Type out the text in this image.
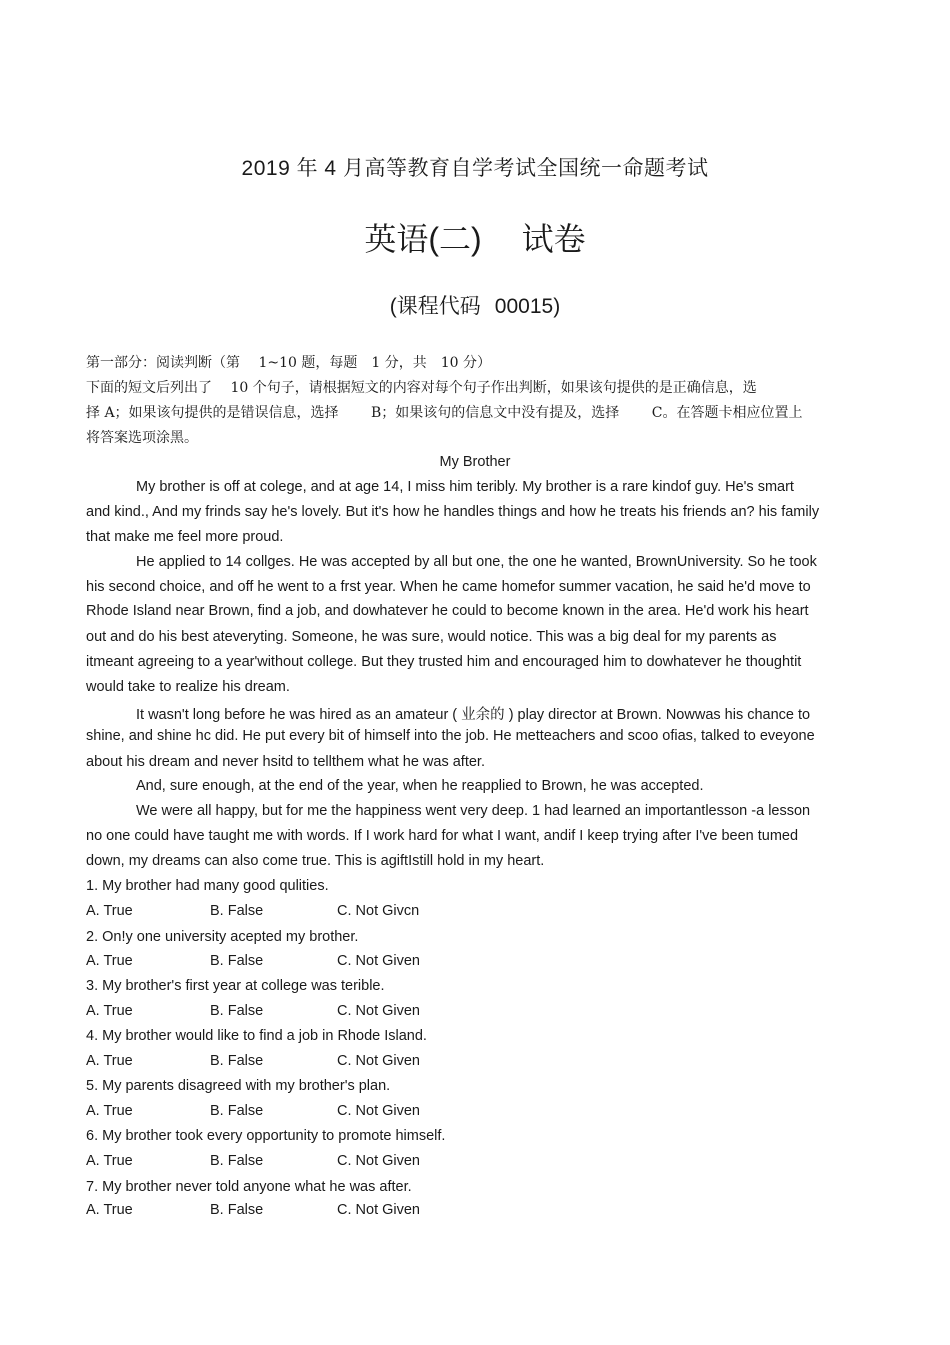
2019 年 4 月高等教育自学考试全国统一命题考试
英语(二) 试卷
(课程代码 00015)
第一部分：阅读判断（第　 1~10 题，每题　1 分，共　10 分）
下面的短文后列出了　 10 个句子，请根据短文的内容对每个句子作出判断，如果该句提供的是正确信息，选
择 A；如果该句提供的是错误信息，选择　　 B；如果该句的信息文中没有提及，选择　　 C。在答题卡相应位置上
将答案选项涂黑。
My Brother
My brother is off at colege, and at age 14, I miss him teribly. My brother is a rare kindof guy. He's smart
and kind., And my frinds say he's lovely. But it's how he handles things and how he treats his friends an? his family
that make me feel more proud.
He applied to 14 collges. He was accepted by all but one, the one he wanted, BrownUniversity. So he took
his second choice, and off he went to a frst year. When he came homefor summer vacation, he said he'd move to
Rhode Island near Brown, find a job, and dowhatever he could to become known in the area. He'd work his heart
out and do his best ateveryting. Someone, he was sure, would notice. This was a big deal for my parents as
itmeant agreeing to a year'without college. But they trusted him and encouraged him to dowhatever he thoughtit
would take to realize his dream.
It wasn't long before he was hired as an amateur ( 业余的 ) play director at Brown. Nowwas his chance to
shine, and shine hc did. He put every bit of himself into the job. He metteachers and scoo ofias, talked to eveyone
about his dream and never hsitd to tellthem what he was after.
And, sure enough, at the end of the year, when he reapplied to Brown, he was accepted.
We were all happy, but for me the happiness went very deep. 1 had learned an importantlesson -a lesson
no one could have taught me with words. If I work hard for what I want, andif I keep trying after I've been tumed
down, my dreams can also come true. This is agiftIstill hold in my heart.
1. My brother had many good qulities.
A. True	B. False	C. Not Givcn
2. On!y one university acepted my brother.
A. True	B. False	C. Not Given
3. My brother's first year at college was terible.
A. True	B. False	C. Not Given
4. My brother would like to find a job in Rhode Island.
A. True	B. False	C. Not Given
5. My parents disagreed with my brother's plan.
A. True	B. False	C. Not Given
6. My brother took every opportunity to promote himself.
A. True	B. False	C. Not Given
7. My brother never told anyone what he was after.
A. True	B. False	C. Not Given
